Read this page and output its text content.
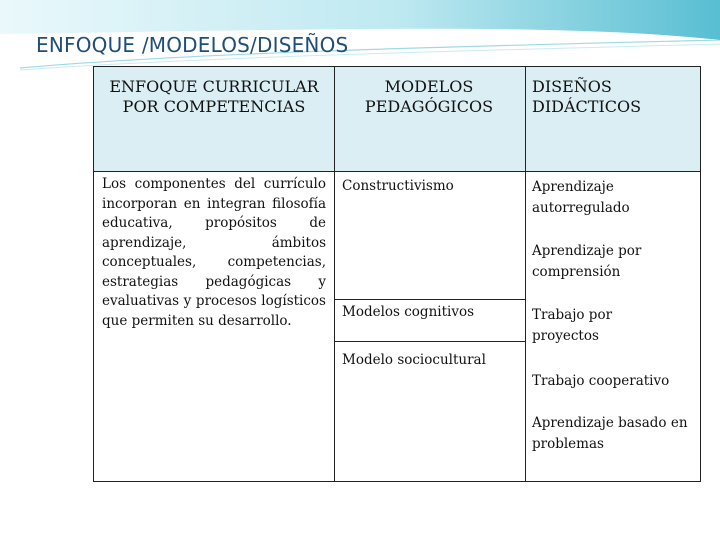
ENFOQUE /MODELOS/DISEÑOS
ENFOQUE CURRICULAR POR COMPETENCIAS
MODELOS PEDAGÓGICOS
DISEÑOS DIDÁCTICOS
Los componentes del currículo incorporan en integran filosofía educativa, propósitos de aprendizaje, ámbitos conceptuales, competencias, estrategias pedagógicas y evaluativas y procesos logísticos que permiten su desarrollo.
Constructivismo
Modelos cognitivos
Modelo sociocultural
Aprendizaje autorregulado
Aprendizaje por comprensión
Trabajo por proyectos
Trabajo cooperativo
Aprendizaje basado en problemas
